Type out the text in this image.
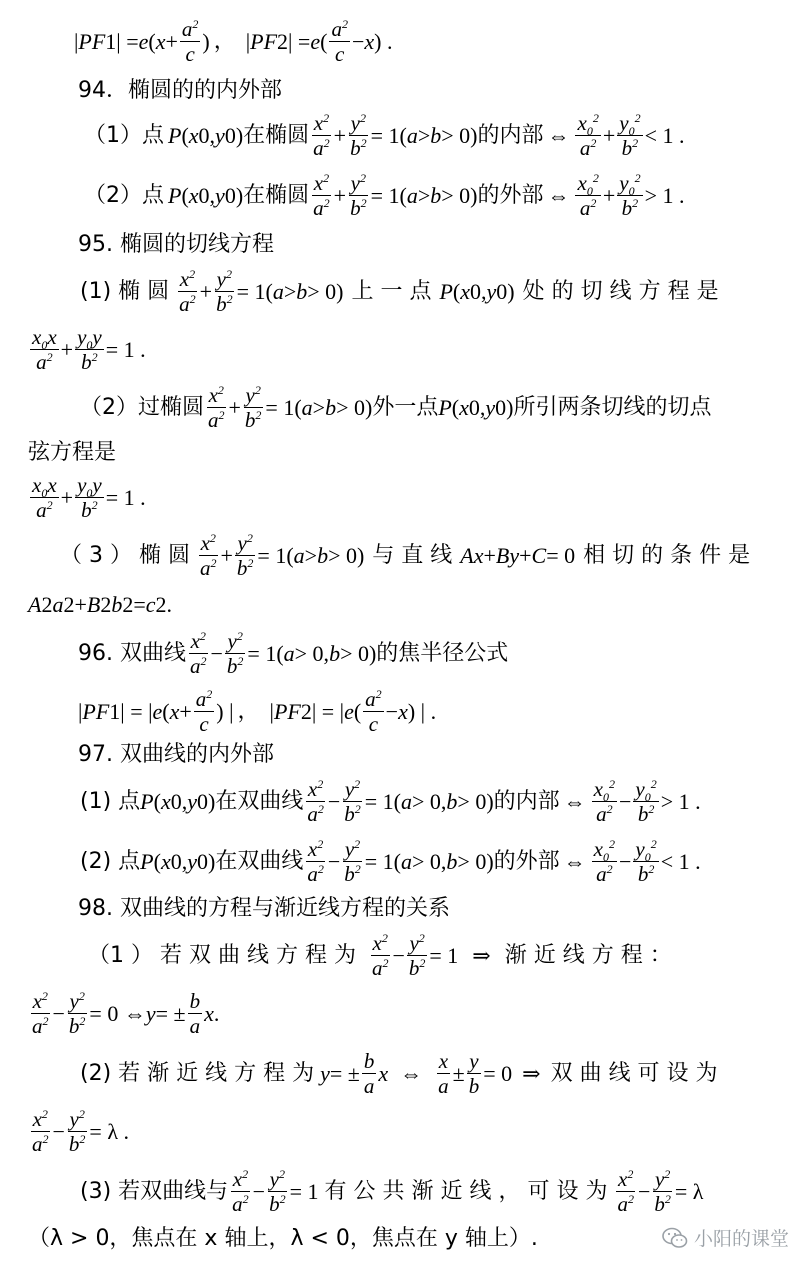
| PF 1 | = e ( $x + \frac{a^2}{c}$ ) ， | PF 2 | = e ( $\frac{a^2}{c} - x$ ) .
94．椭圆的的内外部
（1）点 P ( x 0 , y 0 ) 在椭圆 $\frac{x^2}{a^2} + \frac{y^2}{b^2} = 1$( a > b > 0) 的内部 ⇔ $\frac{x_0^2}{a^2} + \frac{y_0^2}{b^2} < 1$ .
（2）点 P ( x 0 , y 0 ) 在椭圆 $\frac{x^2}{a^2} + \frac{y^2}{b^2} = 1$( a > b > 0) 的外部 ⇔ $\frac{x_0^2}{a^2} + \frac{y_0^2}{b^2} > 1$ .
95. 椭圆的切线方程
(1) 椭 圆 $\frac{x^2}{a^2} + \frac{y^2}{b^2} = 1$( a > b > 0) 上 一 点 P ( x 0 , y 0 ) 处 的 切 线 方 程 是
$\frac{x_0x}{a^2} + \frac{y_0y}{b^2} = 1$ .
（2）过椭圆 $\frac{x^2}{a^2} + \frac{y^2}{b^2} = 1$( a > b > 0) 外一点 P ( x 0 , y 0 ) 所引两条切线的切点
弦方程是
$\frac{x_0x}{a^2} + \frac{y_0y}{b^2} = 1$ .
（ 3 ） 椭 圆 $\frac{x^2}{a^2} + \frac{y^2}{b^2} = 1$( a > b > 0) 与 直 线 Ax + By + C = 0 相 切 的 条 件 是
A 2 a 2 + B 2 b 2 = c 2 .
96. 双曲线 $\frac{x^2}{a^2} - \frac{y^2}{b^2} = 1$( a > 0, b > 0) 的焦半径公式
| PF 1 | = | e ( $x + \frac{a^2}{c}$ ) | ， | PF 2 | = | e ( $\frac{a^2}{c} - x$ ) | .
97. 双曲线的内外部
(1) 点 P ( x 0 , y 0 ) 在双曲线 $\frac{x^2}{a^2} - \frac{y^2}{b^2} = 1$( a > 0, b > 0) 的内部 ⇔ $\frac{x_0^2}{a^2} - \frac{y_0^2}{b^2} > 1$ .
(2) 点 P ( x 0 , y 0 ) 在双曲线 $\frac{x^2}{a^2} - \frac{y^2}{b^2} = 1$( a > 0, b > 0) 的外部 ⇔ $\frac{x_0^2}{a^2} - \frac{y_0^2}{b^2} < 1$ .
98. 双曲线的方程与渐近线方程的关系
（1 ） 若 双 曲 线 方 程 为 $\frac{x^2}{a^2} - \frac{y^2}{b^2} = 1$ ⇒ 渐 近 线 方 程 ：
$\frac{x^2}{a^2} - \frac{y^2}{b^2} = 0$ ⇔ y = ± $\frac{b}{a}$ x .
(2) 若 渐 近 线 方 程 为 y = ± $\frac{b}{a}$ x ⇔ $\frac{x}{a} \pm \frac{y}{b} = 0$ ⇒ 双 曲 线 可 设 为
$\frac{x^2}{a^2} - \frac{y^2}{b^2} = \lambda$ .
(3) 若双曲线与 $\frac{x^2}{a^2} - \frac{y^2}{b^2} = 1$ 有 公 共 渐 近 线 ， 可 设 为 $\frac{x^2}{a^2} - \frac{y^2}{b^2} = \lambda$
（λ > 0，焦点在 x 轴上，λ < 0，焦点在 y 轴上）.	小阳的课堂
